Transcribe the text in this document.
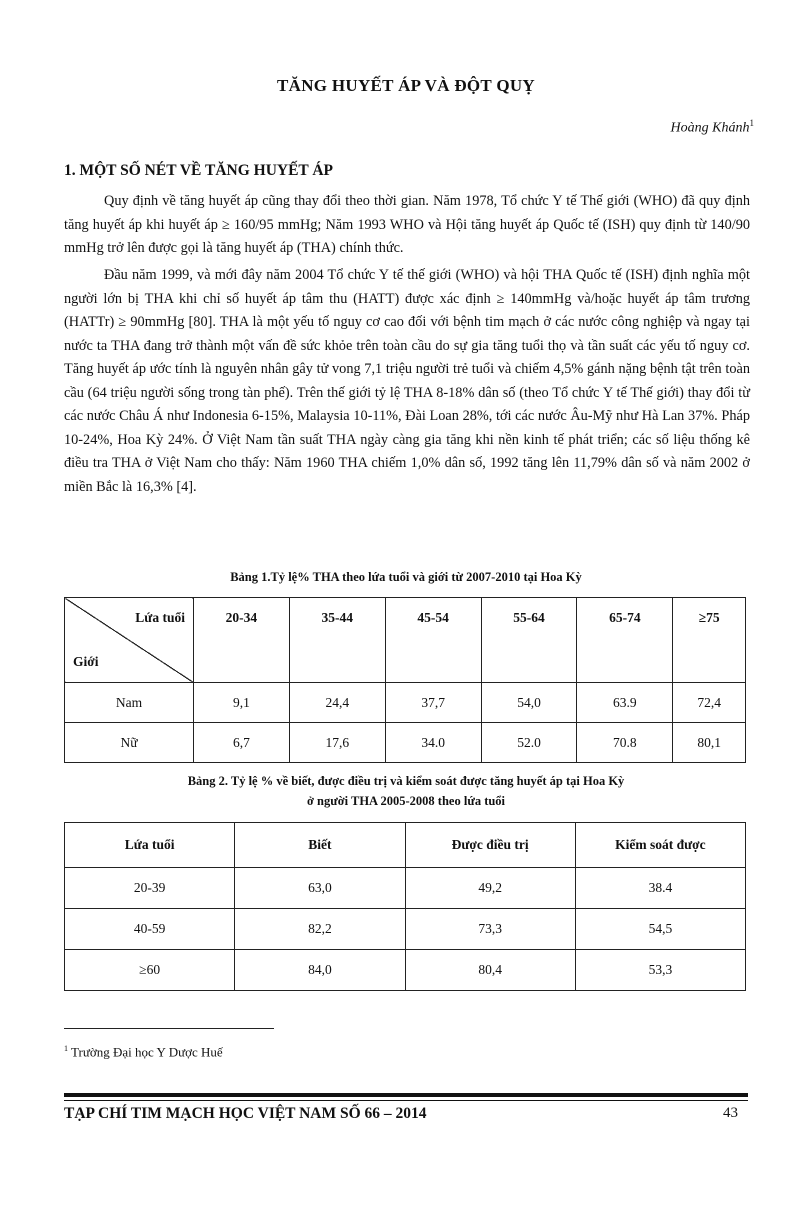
TĂNG HUYẾT ÁP VÀ ĐỘT QUỴ
Hoàng Khánh$^1$
1. MỘT SỐ NÉT VỀ TĂNG HUYẾT ÁP

Quy định về tăng huyết áp cũng thay đổi theo thời gian. Năm 1978, Tổ chức Y tế Thế giới (WHO) đã quy định tăng huyết áp khi huyết áp ≥ 160/95 mmHg; Năm 1993 WHO và Hội tăng huyết áp Quốc tế (ISH) quy định từ 140/90 mmHg trở lên được gọi là tăng huyết áp (THA) chính thức.

Đầu năm 1999, và mới đây năm 2004 Tổ chức Y tế thế giới (WHO) và hội THA Quốc tế (ISH) định nghĩa một người lớn bị THA khi chỉ số huyết áp tâm thu (HATT) được xác định ≥ 140mmHg và/hoặc huyết áp tâm trương (HATTr) ≥ 90mmHg [80]. THA là một yếu tố nguy cơ cao đối với bệnh tim mạch ở các nước công nghiệp và ngay tại nước ta THA đang trở thành một vấn đề sức khỏe trên toàn cầu do sự gia tăng tuổi thọ và tần suất các yếu tố nguy cơ. Tăng huyết áp ước tính là nguyên nhân gây tử vong 7,1 triệu người trẻ tuổi và chiếm 4,5% gánh nặng bệnh tật trên toàn cầu (64 triệu người sống trong tàn phế). Trên thế giới tỷ lệ THA 8-18% dân số (theo Tổ chức Y tế Thế giới) thay đổi từ các nước Châu Á như Indonesia 6-15%, Malaysia 10-11%, Đài Loan 28%, tới các nước Âu-Mỹ như Hà Lan 37%. Pháp 10-24%, Hoa Kỳ 24%. Ở Việt Nam tần suất THA ngày càng gia tăng khi nền kinh tế phát triển; các số liệu thống kê điều tra THA ở Việt Nam cho thấy: Năm 1960 THA chiếm 1,0% dân số, 1992 tăng lên 11,79% dân số và năm 2002 ở miền Bắc là 16,3% [4].

Bảng 1.Tỷ lệ% THA theo lứa tuổi và giới từ 2007-2010 tại Hoa Kỳ
Lứa tuổi
Giới	20-34	35-44	45-54	55-64	65-74	≥75
Nam	9,1	24,4	37,7	54,0	63.9	72,4
Nữ	6,7	17,6	34.0	52.0	70.8	80,1
Bảng 2. Tỷ lệ % về biết, được điều trị và kiểm soát được tăng huyết áp tại Hoa Kỳ
ở người THA 2005-2008 theo lứa tuổi
Lứa tuổi	Biết	Được điều trị	Kiểm soát được
20-39	63,0	49,2	38.4
40-59	82,2	73,3	54,5
≥60	84,0	80,4	53,3
$^1$ Trường Đại học Y Dược Huế
TẠP CHÍ TIM MẠCH HỌC VIỆT NAM SỐ 66 – 2014	43
